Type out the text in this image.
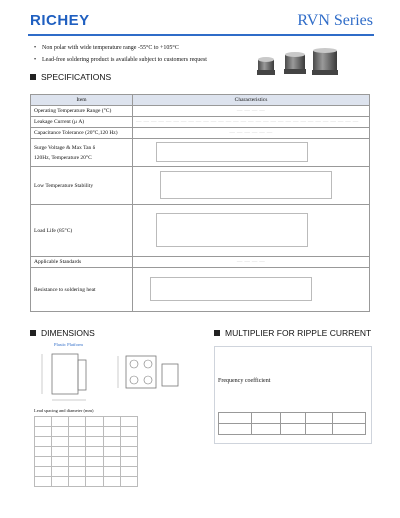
RICHEY	RVN Series
• Non polar with wide temperature range -55°C to +105°C
• Lead-free soldering product is available subject to customers request
SPECIFICATIONS
Item	Characteristics
Operating Temperature Range (°C)	— — — —
Leakage Current (μ A)	— — — — — — — — — — — — — — — — — — — — — — — — — — — — — —
Capacitance Tolerance (20°C,120 Hz)	— — — — — —

Surge Voltage & Max Tan δ
120Hz, Temperature 20°C	

Low Temperature Stability	
Load Life (85°C)	
Applicable Standards	— — — —
Resistance to soldering heat	
DIMENSIONS
Plastic Platform
Lead spacing and diameter (mm)

MULTIPLIER FOR RIPPLE CURRENT
Frequency coefficient
